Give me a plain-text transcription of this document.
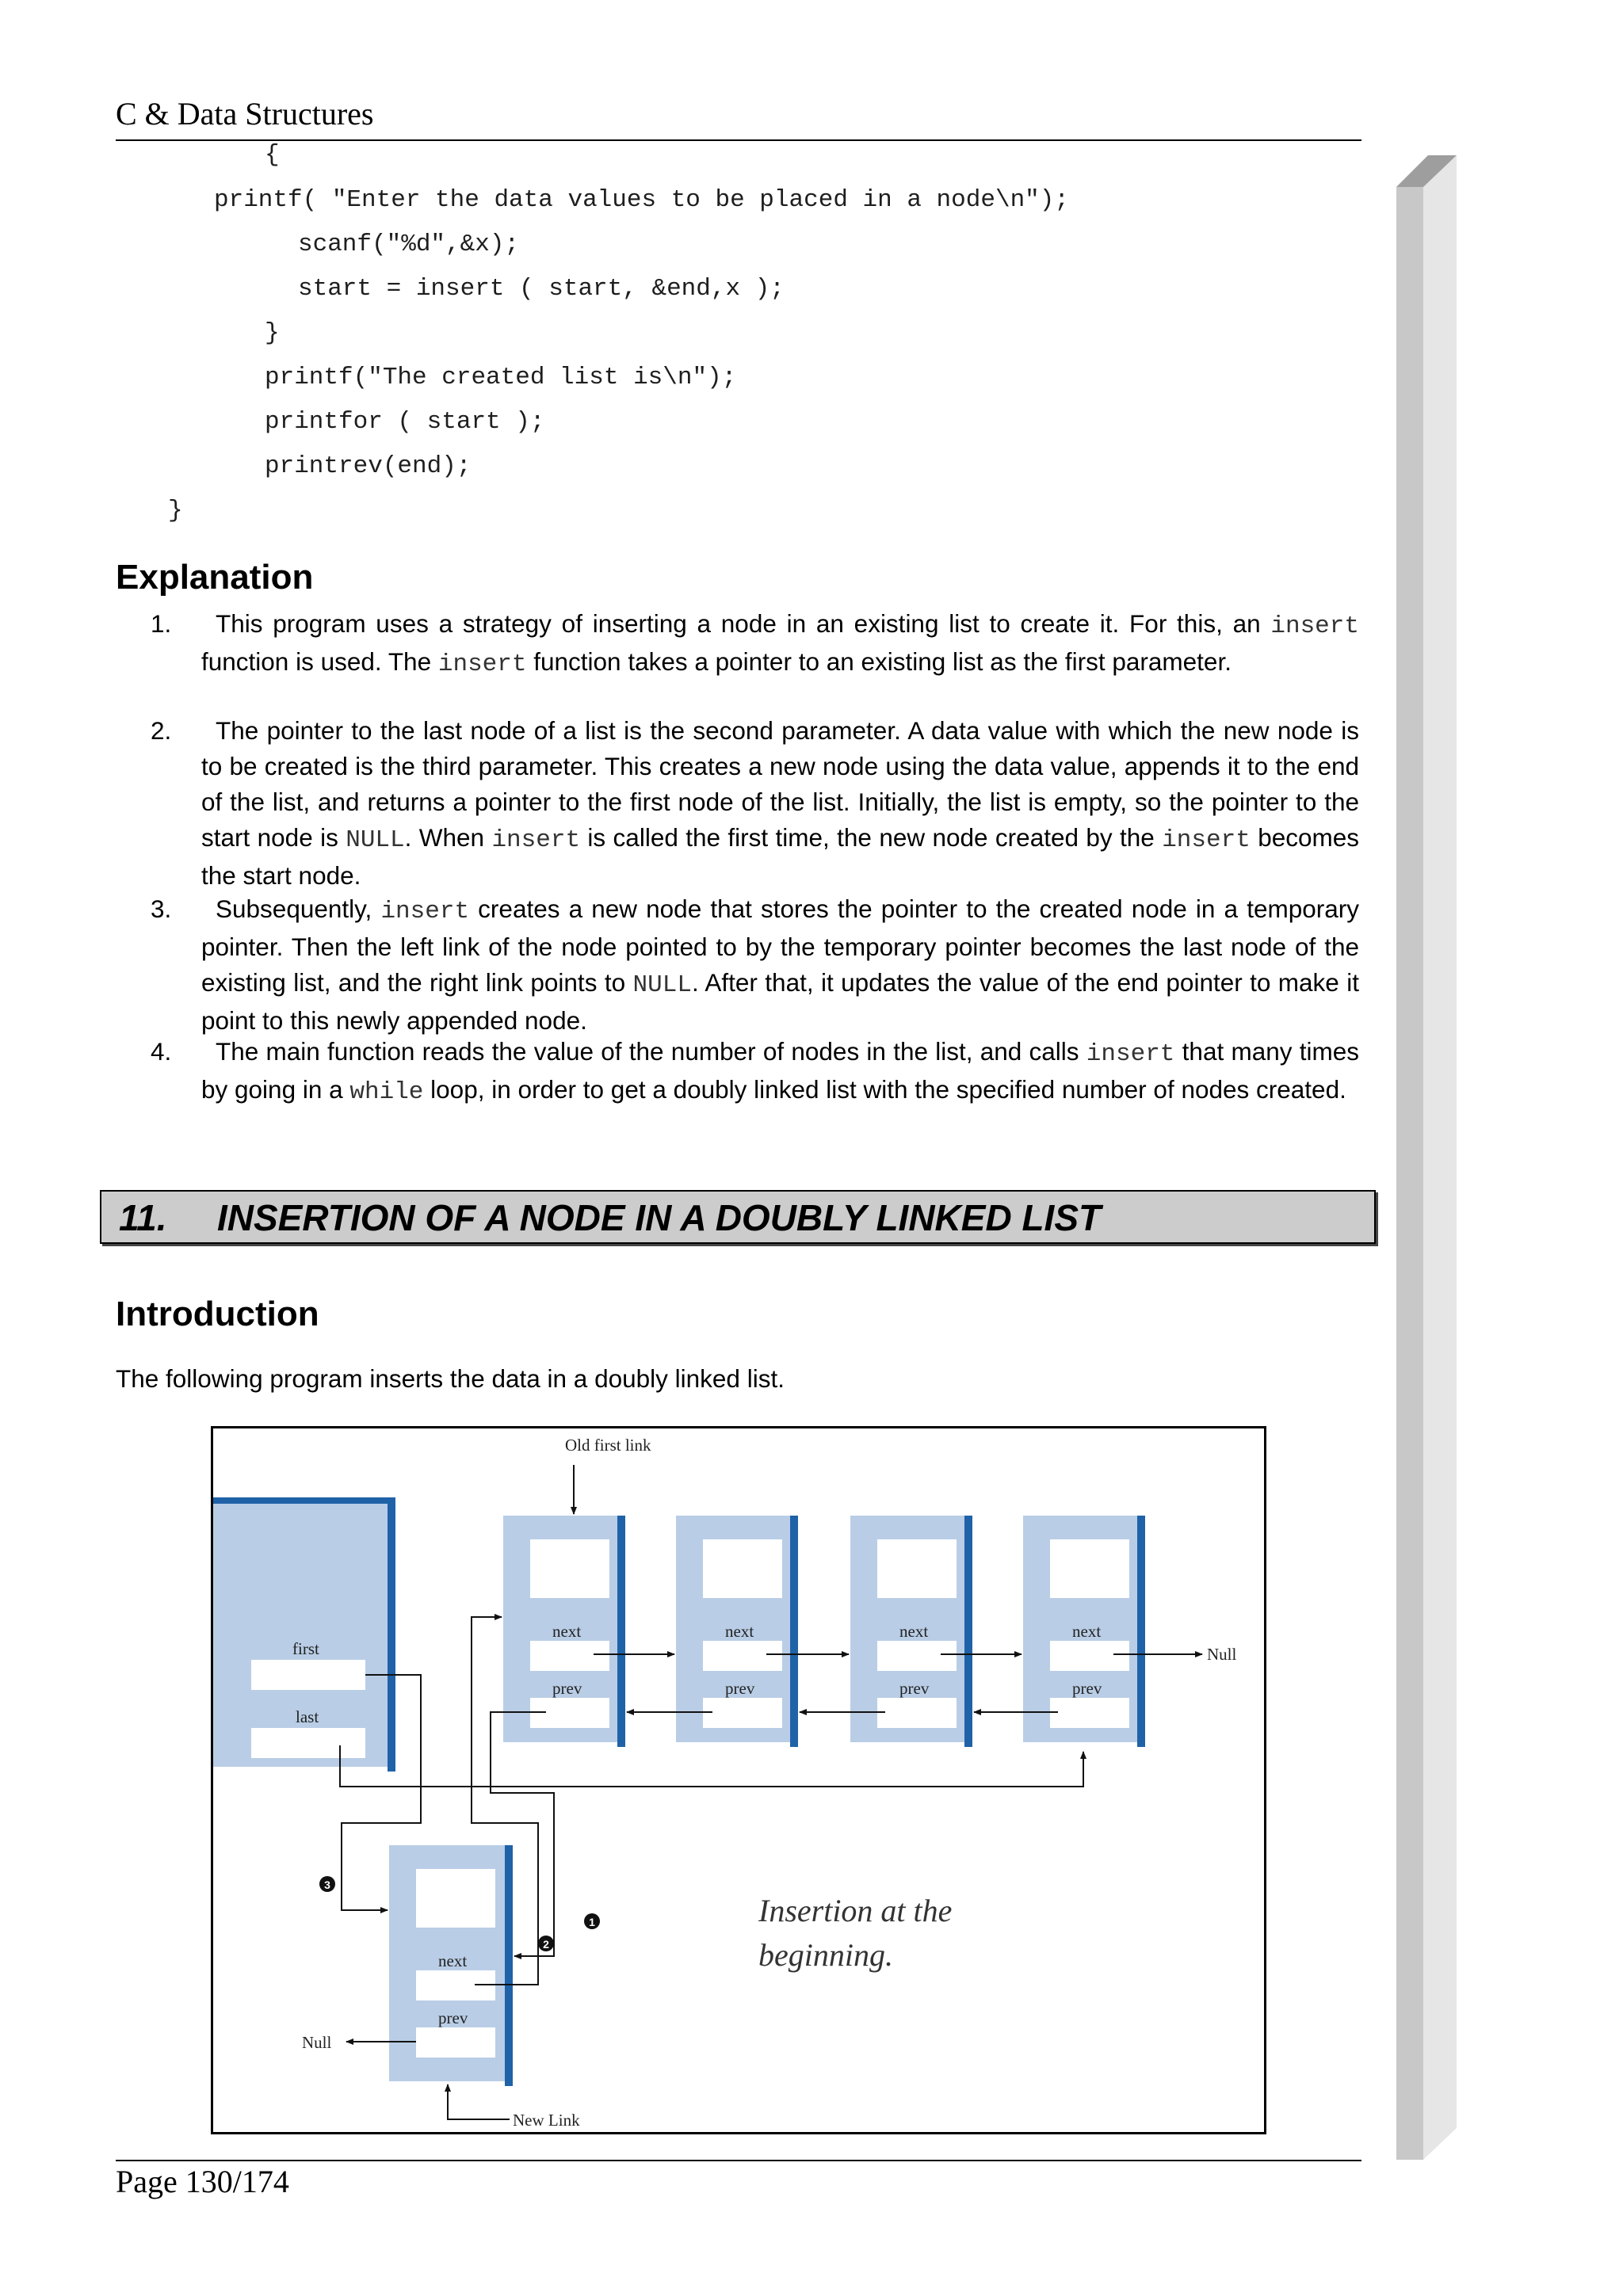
C & Data Structures
{
printf( "Enter the data values to be placed in a node\n");
scanf("%d",&x);
start = insert ( start, &end,x );
}
printf("The created list is\n");
printfor ( start );
printrev(end);
}
Explanation
1.	This program uses a strategy of inserting a node in an existing list to create it. For this, an insert function is used. The insert function takes a pointer to an existing list as the first parameter.
2.	The pointer to the last node of a list is the second parameter. A data value with which the new node is to be created is the third parameter. This creates a new node using the data value, appends it to the end of the list, and returns a pointer to the first node of the list. Initially, the list is empty, so the pointer to the start node is NULL. When insert is called the first time, the new node created by the insert becomes the start node.
3.	Subsequently, insert creates a new node that stores the pointer to the created node in a temporary pointer. Then the left link of the node pointed to by the temporary pointer becomes the last node of the existing list, and the right link points to NULL. After that, it updates the value of the end pointer to make it point to this newly appended node.
4.	The main function reads the value of the number of nodes in the list, and calls insert that many times by going in a while loop, in order to get a doubly linked list with the specified number of nodes created.
11. INSERTION OF A NODE IN A DOUBLY LINKED LIST
Introduction
The following program inserts the data in a doubly linked list.
first
last
next
prev
next
prev
next
prev
next
prev
next
prev
Old first link
Null
Null
New Link
3
1
2
Insertion at the
beginning.
Page 130/174
